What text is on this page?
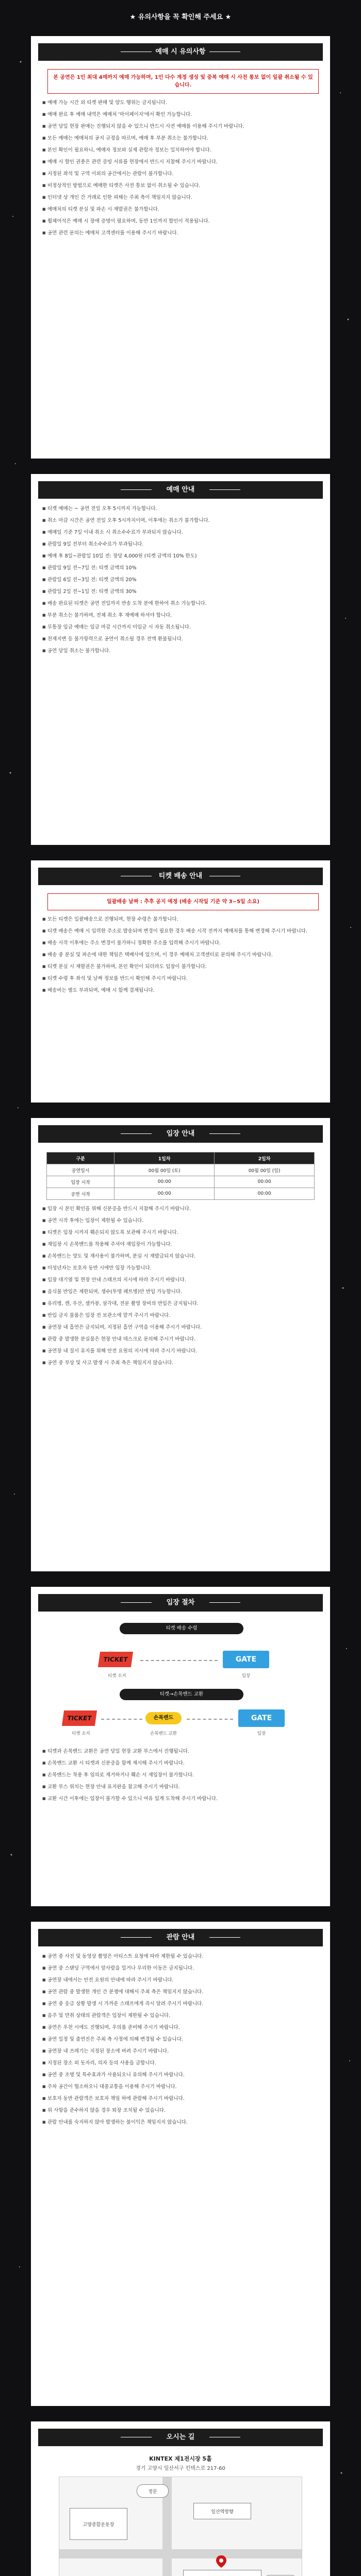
★ 유의사항을 꼭 확인해 주세요 ★
예매 시 유의사항
본 공연은 1인 최대 4매까지 예매 가능하며, 1인 다수 계정 생성 및 중복 예매 시 사전 통보 없이 일괄 취소될 수 있습니다.
■ 예매 가능 시간 외 티켓 판매 및 양도 행위는 금지됩니다.
■ 예매 완료 후 예매 내역은 예매처 '마이페이지'에서 확인 가능합니다.
■ 공연 당일 현장 판매는 진행되지 않을 수 있으니 반드시 사전 예매를 이용해 주시기 바랍니다.
■ 모든 예매는 예매처의 공지 규정을 따르며, 예매 후 부분 취소는 불가합니다.
■ 본인 확인이 필요하니, 예매자 정보와 실제 관람자 정보는 일치하여야 합니다.
■ 예매 시 할인 권종은 관련 증빙 서류를 현장에서 반드시 지참해 주시기 바랍니다.
■ 지정된 좌석 및 구역 이외의 공간에서는 관람이 불가합니다.
■ 비정상적인 방법으로 예매한 티켓은 사전 통보 없이 취소될 수 있습니다.
■ 인터넷 상 개인 간 거래로 인한 피해는 주최 측이 책임지지 않습니다.
■ 예매처의 티켓 분실 및 파손 시 재발권은 불가합니다.
■ 휠체어석은 예매 시 장애 증명이 필요하며, 동반 1인까지 할인이 적용됩니다.
■ 공연 관련 문의는 예매처 고객센터를 이용해 주시기 바랍니다.
예매 안내
■ 티켓 예매는 ~ 공연 전일 오후 5시까지 가능합니다.
■ 취소 마감 시간은 공연 전일 오후 5시까지이며, 이후에는 취소가 불가합니다.
■ 예매일 기준 7일 이내 취소 시 취소수수료가 부과되지 않습니다.
■ 관람일 9일 전부터 취소수수료가 부과됩니다.
■ 예매 후 8일~관람일 10일 전: 장당 4,000원 (티켓 금액의 10% 한도)
■ 관람일 9일 전~7일 전: 티켓 금액의 10%
■ 관람일 6일 전~3일 전: 티켓 금액의 20%
■ 관람일 2일 전~1일 전: 티켓 금액의 30%
■ 배송 완료된 티켓은 공연 전일까지 반송 도착 분에 한하여 취소 가능합니다.
■ 부분 취소는 불가하며, 전체 취소 후 재예매 하셔야 합니다.
■ 무통장 입금 예매는 입금 마감 시간까지 미입금 시 자동 취소됩니다.
■ 천재지변 등 불가항력으로 공연이 취소될 경우 전액 환불됩니다.
■ 공연 당일 취소는 불가합니다.
티켓 배송 안내
일괄배송 날짜 : 추후 공지 예정 (배송 시작일 기준 약 3~5일 소요)
■ 모든 티켓은 일괄배송으로 진행되며, 현장 수령은 불가합니다.
■ 티켓 배송은 예매 시 입력한 주소로 발송되며 변경이 필요한 경우 배송 시작 전까지 예매처를 통해 변경해 주시기 바랍니다.
■ 배송 시작 이후에는 주소 변경이 불가하니 정확한 주소를 입력해 주시기 바랍니다.
■ 배송 중 분실 및 파손에 대한 책임은 택배사에 있으며, 이 경우 예매처 고객센터로 문의해 주시기 바랍니다.
■ 티켓 분실 시 재발권은 불가하며, 본인 확인이 되더라도 입장이 불가합니다.
■ 티켓 수령 후 좌석 및 날짜 정보를 반드시 확인해 주시기 바랍니다.
■ 배송비는 별도 부과되며, 예매 시 함께 결제됩니다.
입장 안내
구분	1일차	2일차
공연일시	00월 00일 (토)	00월 00일 (일)
입장 시작	00:00	00:00
공연 시작	00:00	00:00
■ 입장 시 본인 확인을 위해 신분증을 반드시 지참해 주시기 바랍니다.
■ 공연 시작 후에는 입장이 제한될 수 있습니다.
■ 티켓은 입장 시까지 훼손되지 않도록 보관해 주시기 바랍니다.
■ 재입장 시 손목밴드를 착용해 주셔야 재입장이 가능합니다.
■ 손목밴드는 양도 및 재사용이 불가하며, 분실 시 재발급되지 않습니다.
■ 미성년자는 보호자 동반 시에만 입장 가능합니다.
■ 입장 대기열 및 현장 안내 스태프의 지시에 따라 주시기 바랍니다.
■ 음식물 반입은 제한되며, 생수(투명 페트병)만 반입 가능합니다.
■ 유리병, 캔, 우산, 셀카봉, 삼각대, 전문 촬영 장비의 반입은 금지됩니다.
■ 반입 금지 물품은 입장 전 보관소에 맡겨 주시기 바랍니다.
■ 공연장 내 흡연은 금지되며, 지정된 흡연 구역을 이용해 주시기 바랍니다.
■ 관람 중 발생한 분실물은 현장 안내 데스크로 문의해 주시기 바랍니다.
■ 공연장 내 질서 유지를 위해 안전 요원의 지시에 따라 주시기 바랍니다.
■ 공연 중 부상 및 사고 발생 시 주최 측은 책임지지 않습니다.
입장 절차
티켓 배송 수령
TICKET	GATE
티켓 소지	입장
티켓→손목밴드 교환
TICKET	손목밴드	GATE
티켓 소지	손목밴드 교환	입장
■ 티켓과 손목밴드 교환은 공연 당일 현장 교환 부스에서 진행됩니다.
■ 손목밴드 교환 시 티켓과 신분증을 함께 제시해 주시기 바랍니다.
■ 손목밴드는 착용 후 임의로 제거하거나 훼손 시 재입장이 불가합니다.
■ 교환 부스 위치는 현장 안내 표지판을 참고해 주시기 바랍니다.
■ 교환 시간 이후에는 입장이 불가할 수 있으니 여유 있게 도착해 주시기 바랍니다.
관람 안내
■ 공연 중 사진 및 동영상 촬영은 아티스트 요청에 따라 제한될 수 있습니다.
■ 공연 중 스탠딩 구역에서 앞사람을 밀거나 무리한 이동은 금지됩니다.
■ 공연장 내에서는 안전 요원의 안내에 따라 주시기 바랍니다.
■ 공연 관람 중 발생한 개인 간 분쟁에 대해서 주최 측은 책임지지 않습니다.
■ 공연 중 응급 상황 발생 시 가까운 스태프에게 즉시 알려 주시기 바랍니다.
■ 음주 및 만취 상태의 관람객은 입장이 제한될 수 있습니다.
■ 공연은 우천 시에도 진행되며, 우의를 준비해 주시기 바랍니다.
■ 공연 일정 및 출연진은 주최 측 사정에 의해 변경될 수 있습니다.
■ 공연장 내 쓰레기는 지정된 장소에 버려 주시기 바랍니다.
■ 지정된 장소 외 돗자리, 의자 등의 사용을 금합니다.
■ 공연 중 조명 및 특수효과가 사용되오니 유의해 주시기 바랍니다.
■ 주차 공간이 협소하오니 대중교통을 이용해 주시기 바랍니다.
■ 보호자 동반 관람객은 보호자 책임 하에 관람해 주시기 바랍니다.
■ 위 사항을 준수하지 않을 경우 퇴장 조치될 수 있습니다.
■ 관람 안내를 숙지하지 않아 발생하는 불이익은 책임지지 않습니다.
오시는 길
KINTEX 제1전시장 5홀
경기 고양시 일산서구 킨텍스로 217-60
정문
일산역방향
고양종합운동장
